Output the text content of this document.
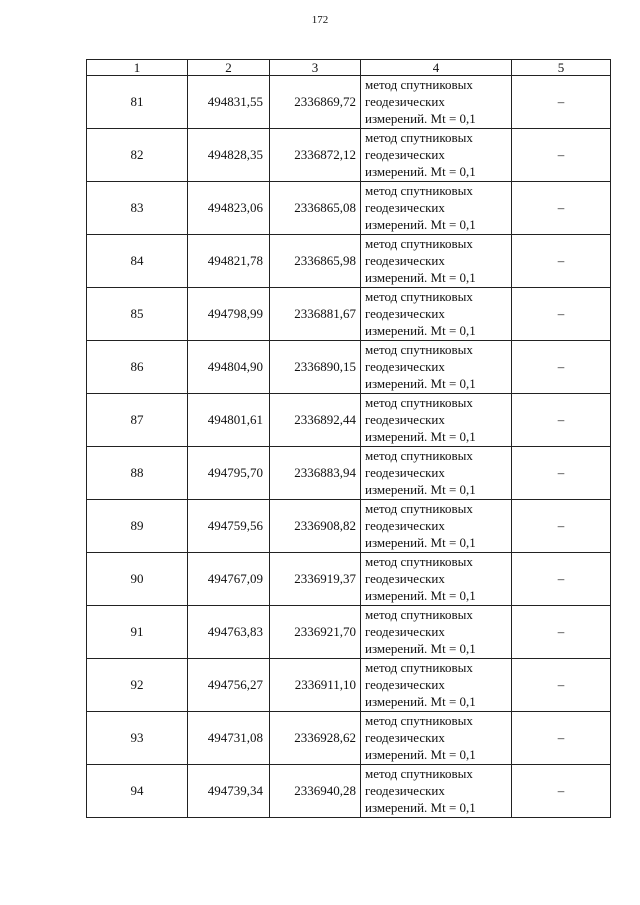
172
1	2	3	4	5
81	494831,55	2336869,72	метод спутниковых
геодезических
измерений. Mt = 0,1	–
82	494828,35	2336872,12	метод спутниковых
геодезических
измерений. Mt = 0,1	–
83	494823,06	2336865,08	метод спутниковых
геодезических
измерений. Mt = 0,1	–
84	494821,78	2336865,98	метод спутниковых
геодезических
измерений. Mt = 0,1	–
85	494798,99	2336881,67	метод спутниковых
геодезических
измерений. Mt = 0,1	–
86	494804,90	2336890,15	метод спутниковых
геодезических
измерений. Mt = 0,1	–
87	494801,61	2336892,44	метод спутниковых
геодезических
измерений. Mt = 0,1	–
88	494795,70	2336883,94	метод спутниковых
геодезических
измерений. Mt = 0,1	–
89	494759,56	2336908,82	метод спутниковых
геодезических
измерений. Mt = 0,1	–
90	494767,09	2336919,37	метод спутниковых
геодезических
измерений. Mt = 0,1	–
91	494763,83	2336921,70	метод спутниковых
геодезических
измерений. Mt = 0,1	–
92	494756,27	2336911,10	метод спутниковых
геодезических
измерений. Mt = 0,1	–
93	494731,08	2336928,62	метод спутниковых
геодезических
измерений. Mt = 0,1	–
94	494739,34	2336940,28	метод спутниковых
геодезических
измерений. Mt = 0,1	–
